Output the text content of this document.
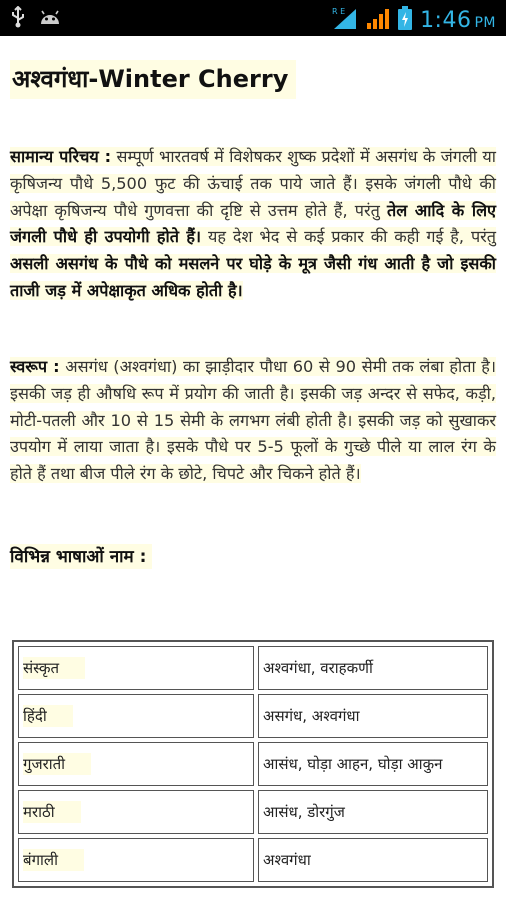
R E	1:46 PM
अश्वगंधा-Winter Cherry
सामान्य परिचय : सम्पूर्ण भारतवर्ष में विशेषकर शुष्क प्रदेशों में असगंध के जंगली या कृषिजन्य पौधे 5,500 फुट की ऊंचाई तक पाये जाते हैं। इसके जंगली पौधे की अपेक्षा कृषिजन्य पौधे गुणवत्ता की दृष्टि से उत्तम होते हैं, परंतु तेल आदि के लिए जंगली पौधे ही उपयोगी होते हैं। यह देश भेद से कई प्रकार की कही गई है, परंतु असली असगंध के पौधे को मसलने पर घोड़े के मूत्र जैसी गंध आती है जो इसकी ताजी जड़ में अपेक्षाकृत अधिक होती है।
स्वरूप : असगंध (अश्वगंधा) का झाड़ीदार पौधा 60 से 90 सेमी तक लंबा होता है। इसकी जड़ ही औषधि रूप में प्रयोग की जाती है। इसकी जड़ अन्दर से सफेद, कड़ी, मोटी-पतली और 10 से 15 सेमी के लगभग लंबी होती है। इसकी जड़ को सुखाकर उपयोग में लाया जाता है। इसके पौधे पर 5-5 फूलों के गुच्छे पीले या लाल रंग के होते हैं तथा बीज पीले रंग के छोटे, चिपटे और चिकने होते हैं।
विभिन्न भाषाओं नाम :
संस्कृत	अश्वगंधा, वराहकर्णी
हिंदी	असगंध, अश्वगंधा
गुजराती	आसंध, घोड़ा आहन, घोड़ा आकुन
मराठी	आसंध, डोरगुंज
बंगाली	अश्वगंधा
